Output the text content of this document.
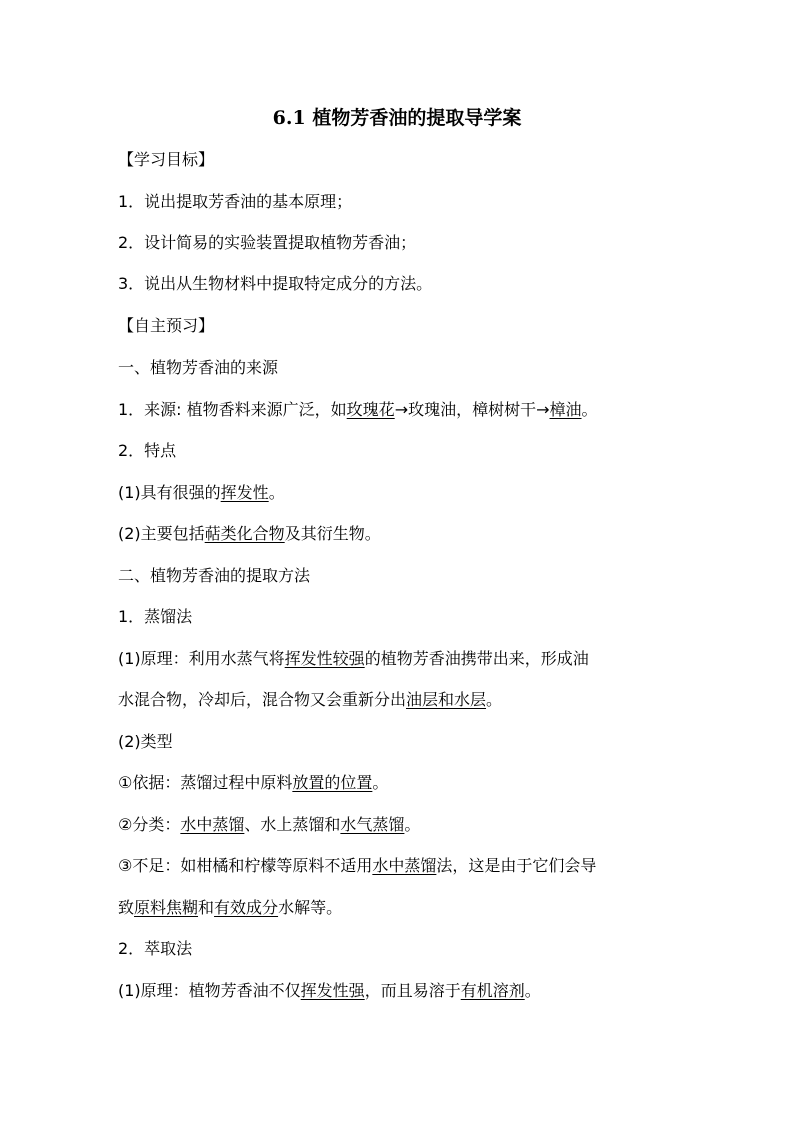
6.1 植物芳香油的提取导学案
【学习目标】
1．说出提取芳香油的基本原理；
2．设计简易的实验装置提取植物芳香油；
3．说出从生物材料中提取特定成分的方法。
【自主预习】
一、植物芳香油的来源
1．来源: 植物香料来源广泛，如玫瑰花→玫瑰油，樟树树干→樟油。
2．特点
(1)具有很强的挥发性。
(2)主要包括萜类化合物及其衍生物。
二、植物芳香油的提取方法
1．蒸馏法
(1)原理：利用水蒸气将挥发性较强的植物芳香油携带出来，形成油
水混合物，冷却后，混合物又会重新分出油层和水层。
(2)类型
①依据：蒸馏过程中原料放置的位置。
②分类：水中蒸馏、水上蒸馏和水气蒸馏。
③不足：如柑橘和柠檬等原料不适用水中蒸馏法，这是由于它们会导
致原料焦糊和有效成分水解等。
2．萃取法
(1)原理：植物芳香油不仅挥发性强，而且易溶于有机溶剂。
